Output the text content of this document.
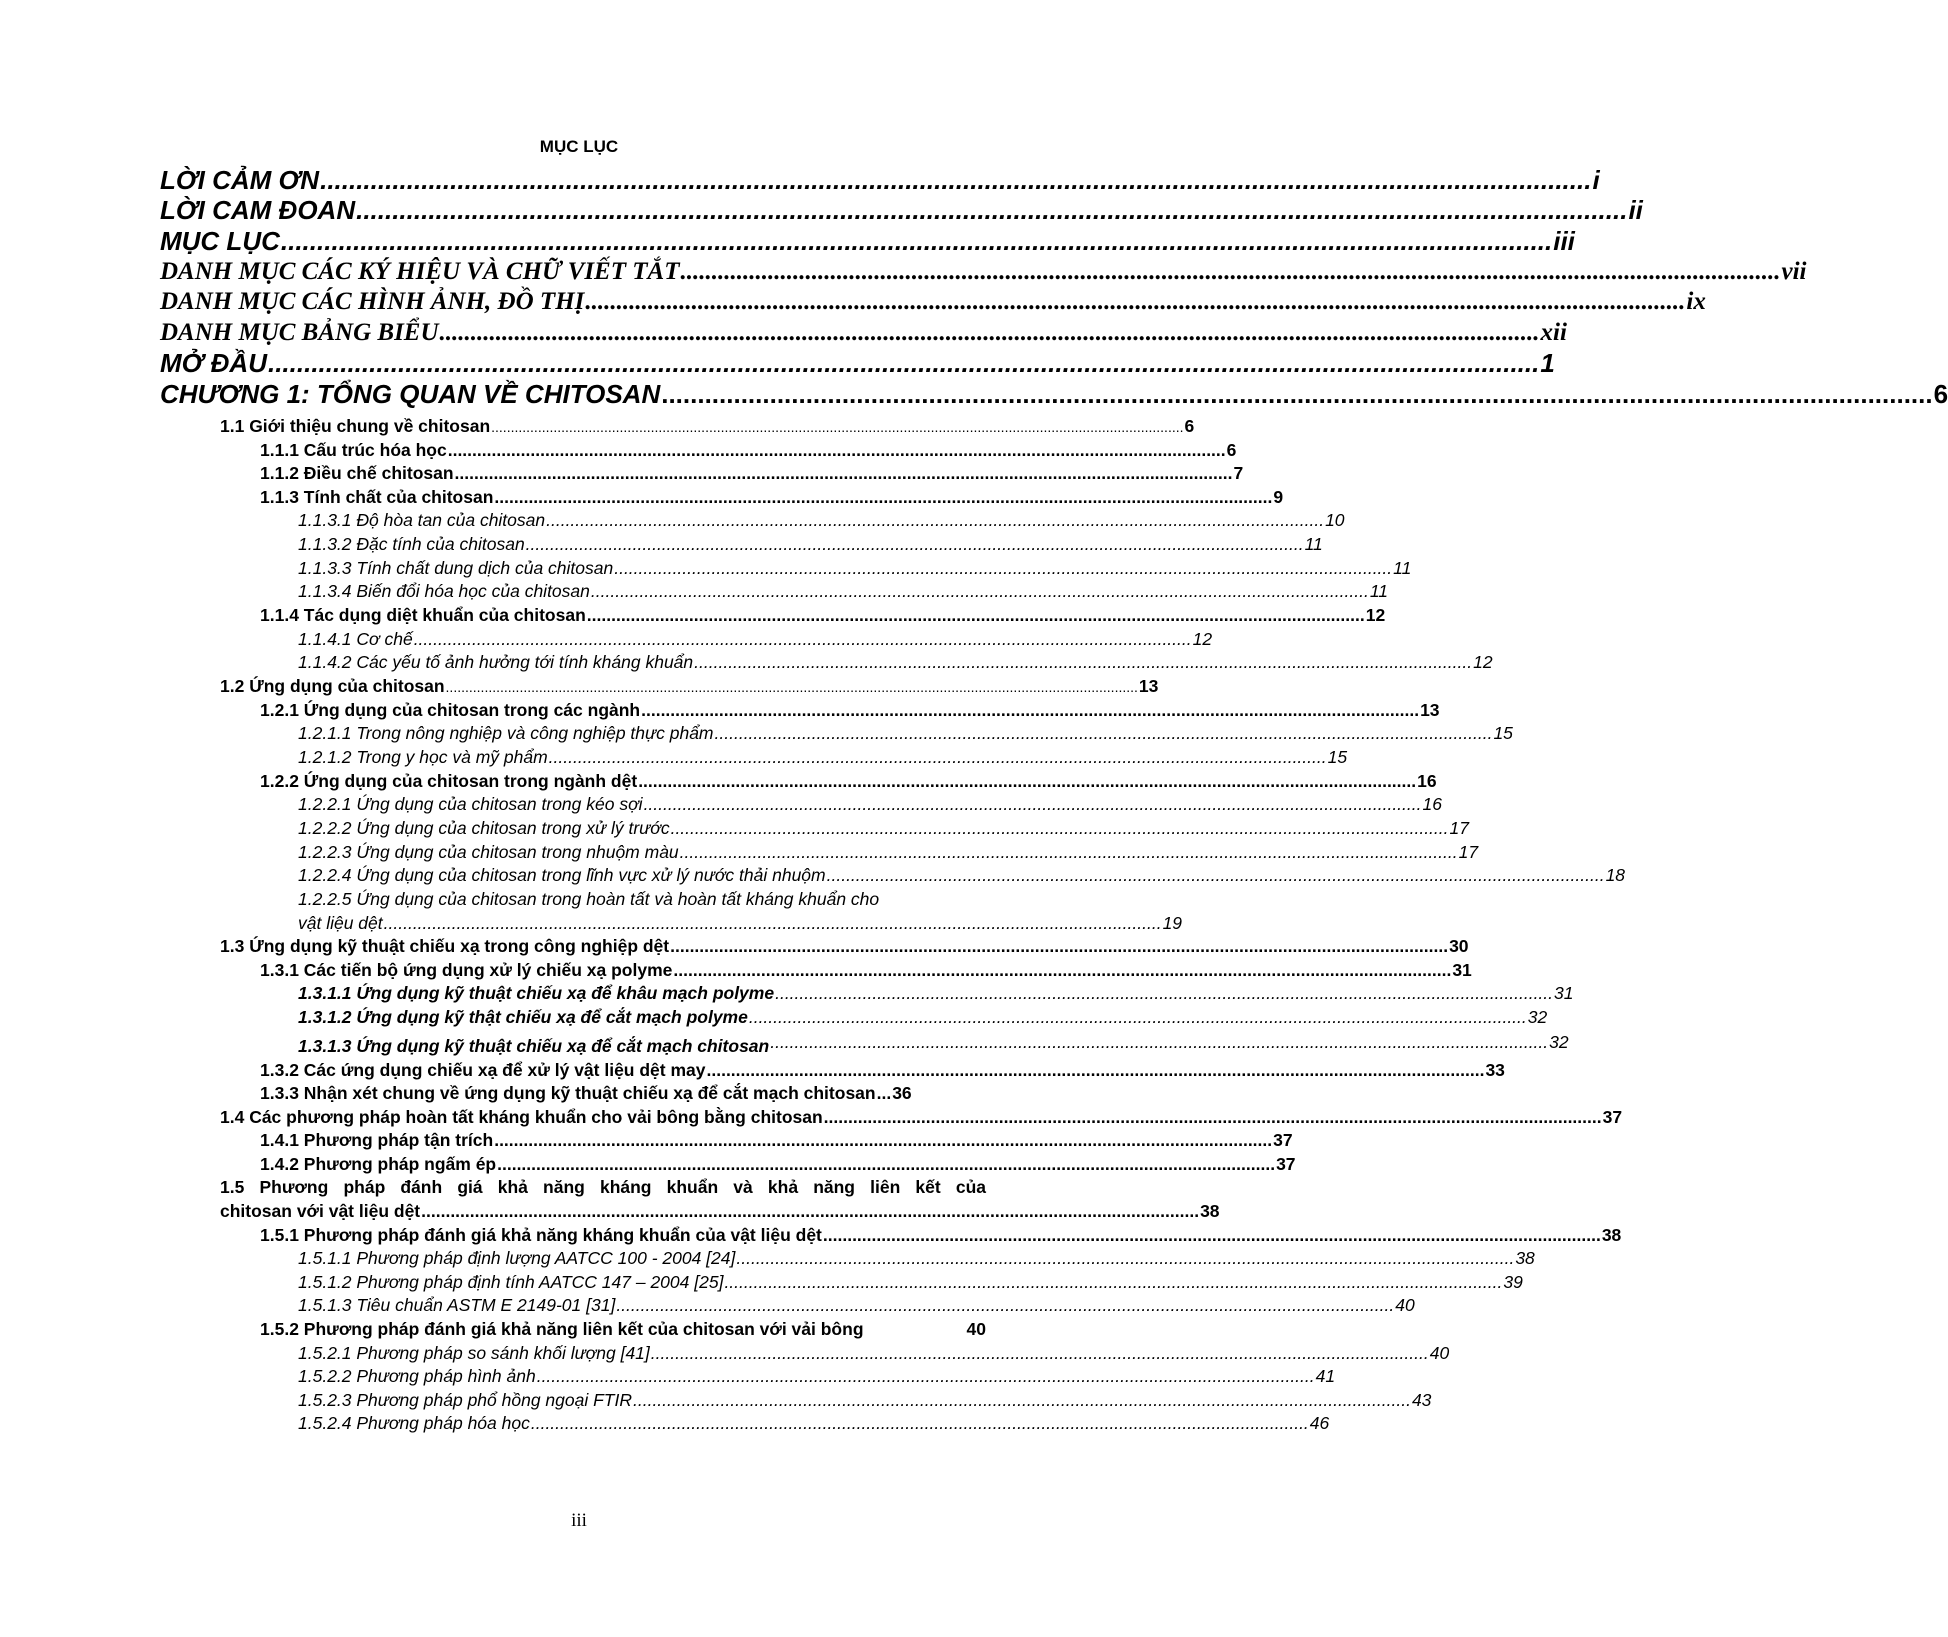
MỤC LỤC
LỜI CẢM ƠN ................................................................................................................................................................................ i
LỜI CAM ĐOAN ................................................................................................................................................................................ ii
MỤC LỤC ................................................................................................................................................................................ iii
DANH MỤC CÁC KÝ HIỆU VÀ CHỮ VIẾT TẮT ................................................................................................................................................................................ vii
DANH MỤC CÁC HÌNH ẢNH, ĐỒ THỊ ................................................................................................................................................................................ ix
DANH MỤC BẢNG BIỂU ................................................................................................................................................................................ xii
MỞ ĐẦU ................................................................................................................................................................................ 1
CHƯƠNG 1: TỔNG QUAN VỀ CHITOSAN ................................................................................................................................................................................ 6
1.1 Giới thiệu chung về chitosan .................................................................................................................................................................................. 6
1.1.1 Cấu trúc hóa học ................................................................................................................................................................ 6
1.1.2 Điều chế chitosan ................................................................................................................................................................ 7
1.1.3 Tính chất của chitosan ................................................................................................................................................................ 9
1.1.3.1 Độ hòa tan của chitosan ................................................................................................................................................................ 10
1.1.3.2 Đặc tính của chitosan ................................................................................................................................................................ 11
1.1.3.3 Tính chất dung dịch của chitosan ................................................................................................................................................................ 11
1.1.3.4 Biến đổi hóa học của chitosan ................................................................................................................................................................ 11
1.1.4 Tác dụng diệt khuẩn của chitosan ................................................................................................................................................................ 12
1.1.4.1 Cơ chế ................................................................................................................................................................ 12
1.1.4.2 Các yếu tố ảnh hưởng tới tính kháng khuẩn ................................................................................................................................................................ 12
1.2 Ứng dụng của chitosan .................................................................................................................................................................................. 13
1.2.1 Ứng dụng của chitosan trong các ngành ................................................................................................................................................................ 13
1.2.1.1 Trong nông nghiệp và công nghiệp thực phẩm ................................................................................................................................................................ 15
1.2.1.2 Trong y học và mỹ phẩm ................................................................................................................................................................ 15
1.2.2 Ứng dụng của chitosan trong ngành dệt ................................................................................................................................................................ 16
1.2.2.1 Ứng dụng của chitosan trong kéo sợi ................................................................................................................................................................ 16
1.2.2.2 Ứng dụng của chitosan trong xử lý trước ................................................................................................................................................................ 17
1.2.2.3 Ứng dụng của chitosan trong nhuộm màu ................................................................................................................................................................ 17
1.2.2.4 Ứng dụng của chitosan trong lĩnh vực xử lý nước thải nhuộm ................................................................................................................................................................ 18
1.2.2.5 Ứng dụng của chitosan trong hoàn tất và hoàn tất kháng khuẩn cho
vật liệu dệt ................................................................................................................................................................ 19
1.3 Ứng dụng kỹ thuật chiếu xạ trong công nghiệp dệt ................................................................................................................................................................ 30
1.3.1 Các tiến bộ ứng dụng xử lý chiếu xạ polyme ................................................................................................................................................................ 31
1.3.1.1 Ứng dụng kỹ thuật chiếu xạ để khâu mạch polyme ................................................................................................................................................................ 31
1.3.1.2 Ứng dụng kỹ thật chiếu xạ để cắt mạch polyme ................................................................................................................................................................ 32
1.3.1.3 Ứng dụng kỹ thuật chiếu xạ để cắt mạch chitosan ................................................................................................................................................................ 32
1.3.2 Các ứng dụng chiếu xạ để xử lý vật liệu dệt may ................................................................................................................................................................ 33
1.3.3 Nhận xét chung về ứng dụng kỹ thuật chiếu xạ để cắt mạch chitosan ... 36
1.4 Các phương pháp hoàn tất kháng khuẩn cho vải bông bằng chitosan ................................................................................................................................................................ 37
1.4.1 Phương pháp tận trích ................................................................................................................................................................ 37
1.4.2 Phương pháp ngấm ép ................................................................................................................................................................ 37
1.5 Phương pháp đánh giá khả năng kháng khuẩn và khả năng liên kết của
chitosan với vật liệu dệt ................................................................................................................................................................ 38
1.5.1 Phương pháp đánh giá khả năng kháng khuẩn của vật liệu dệt ................................................................................................................................................................ 38
1.5.1.1 Phương pháp định lượng AATCC 100 - 2004 [24] ................................................................................................................................................................ 38
1.5.1.2 Phương pháp định tính AATCC 147 – 2004 [25] ................................................................................................................................................................ 39
1.5.1.3 Tiêu chuẩn ASTM E 2149-01 [31] ................................................................................................................................................................ 40
1.5.2 Phương pháp đánh giá khả năng liên kết của chitosan với vải bông	40
1.5.2.1 Phương pháp so sánh khối lượng [41] ................................................................................................................................................................ 40
1.5.2.2 Phương pháp hình ảnh ................................................................................................................................................................ 41
1.5.2.3 Phương pháp phổ hồng ngoại FTIR ................................................................................................................................................................ 43
1.5.2.4 Phương pháp hóa học ................................................................................................................................................................ 46
iii
